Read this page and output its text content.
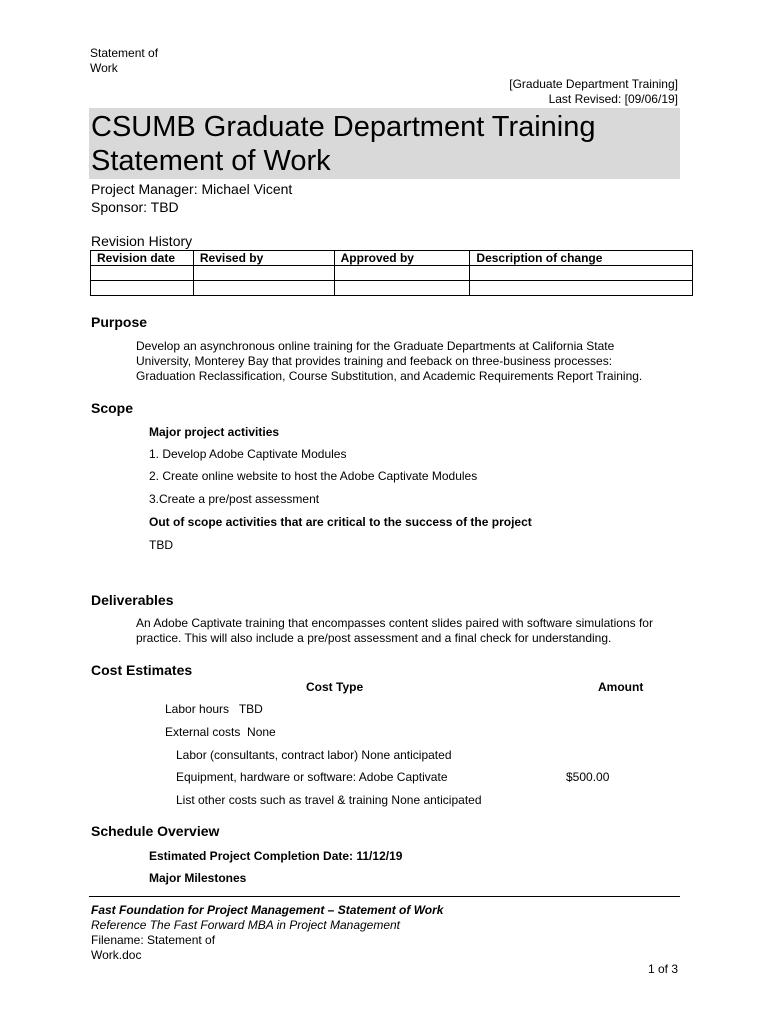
Statement of
Work
[Graduate Department Training]
Last Revised: [09/06/19]
CSUMB Graduate Department Training
Statement of Work
Project Manager: Michael Vicent
Sponsor: TBD
Revision History
Revision date	Revised by	Approved by	Description of change

Purpose
Develop an asynchronous online training for the Graduate Departments at California State
University, Monterey Bay that provides training and feeback on three-business processes:
Graduation Reclassification, Course Substitution, and Academic Requirements Report Training.
Scope
Major project activities
1. Develop Adobe Captivate Modules
2. Create online website to host the Adobe Captivate Modules
3.Create a pre/post assessment
Out of scope activities that are critical to the success of the project
TBD
Deliverables
An Adobe Captivate training that encompasses content slides paired with software simulations for
practice. This will also include a pre/post assessment and a final check for understanding.
Cost Estimates
Cost Type	Amount
Labor hours   TBD
External costs  None
Labor (consultants, contract labor) None anticipated
Equipment, hardware or software: Adobe Captivate	$500.00
List other costs such as travel & training None anticipated
Schedule Overview
Estimated Project Completion Date: 11/12/19
Major Milestones
Fast Foundation for Project Management – Statement of Work
Reference The Fast Forward MBA in Project Management
Filename: Statement of
Work.doc
1 of 3
